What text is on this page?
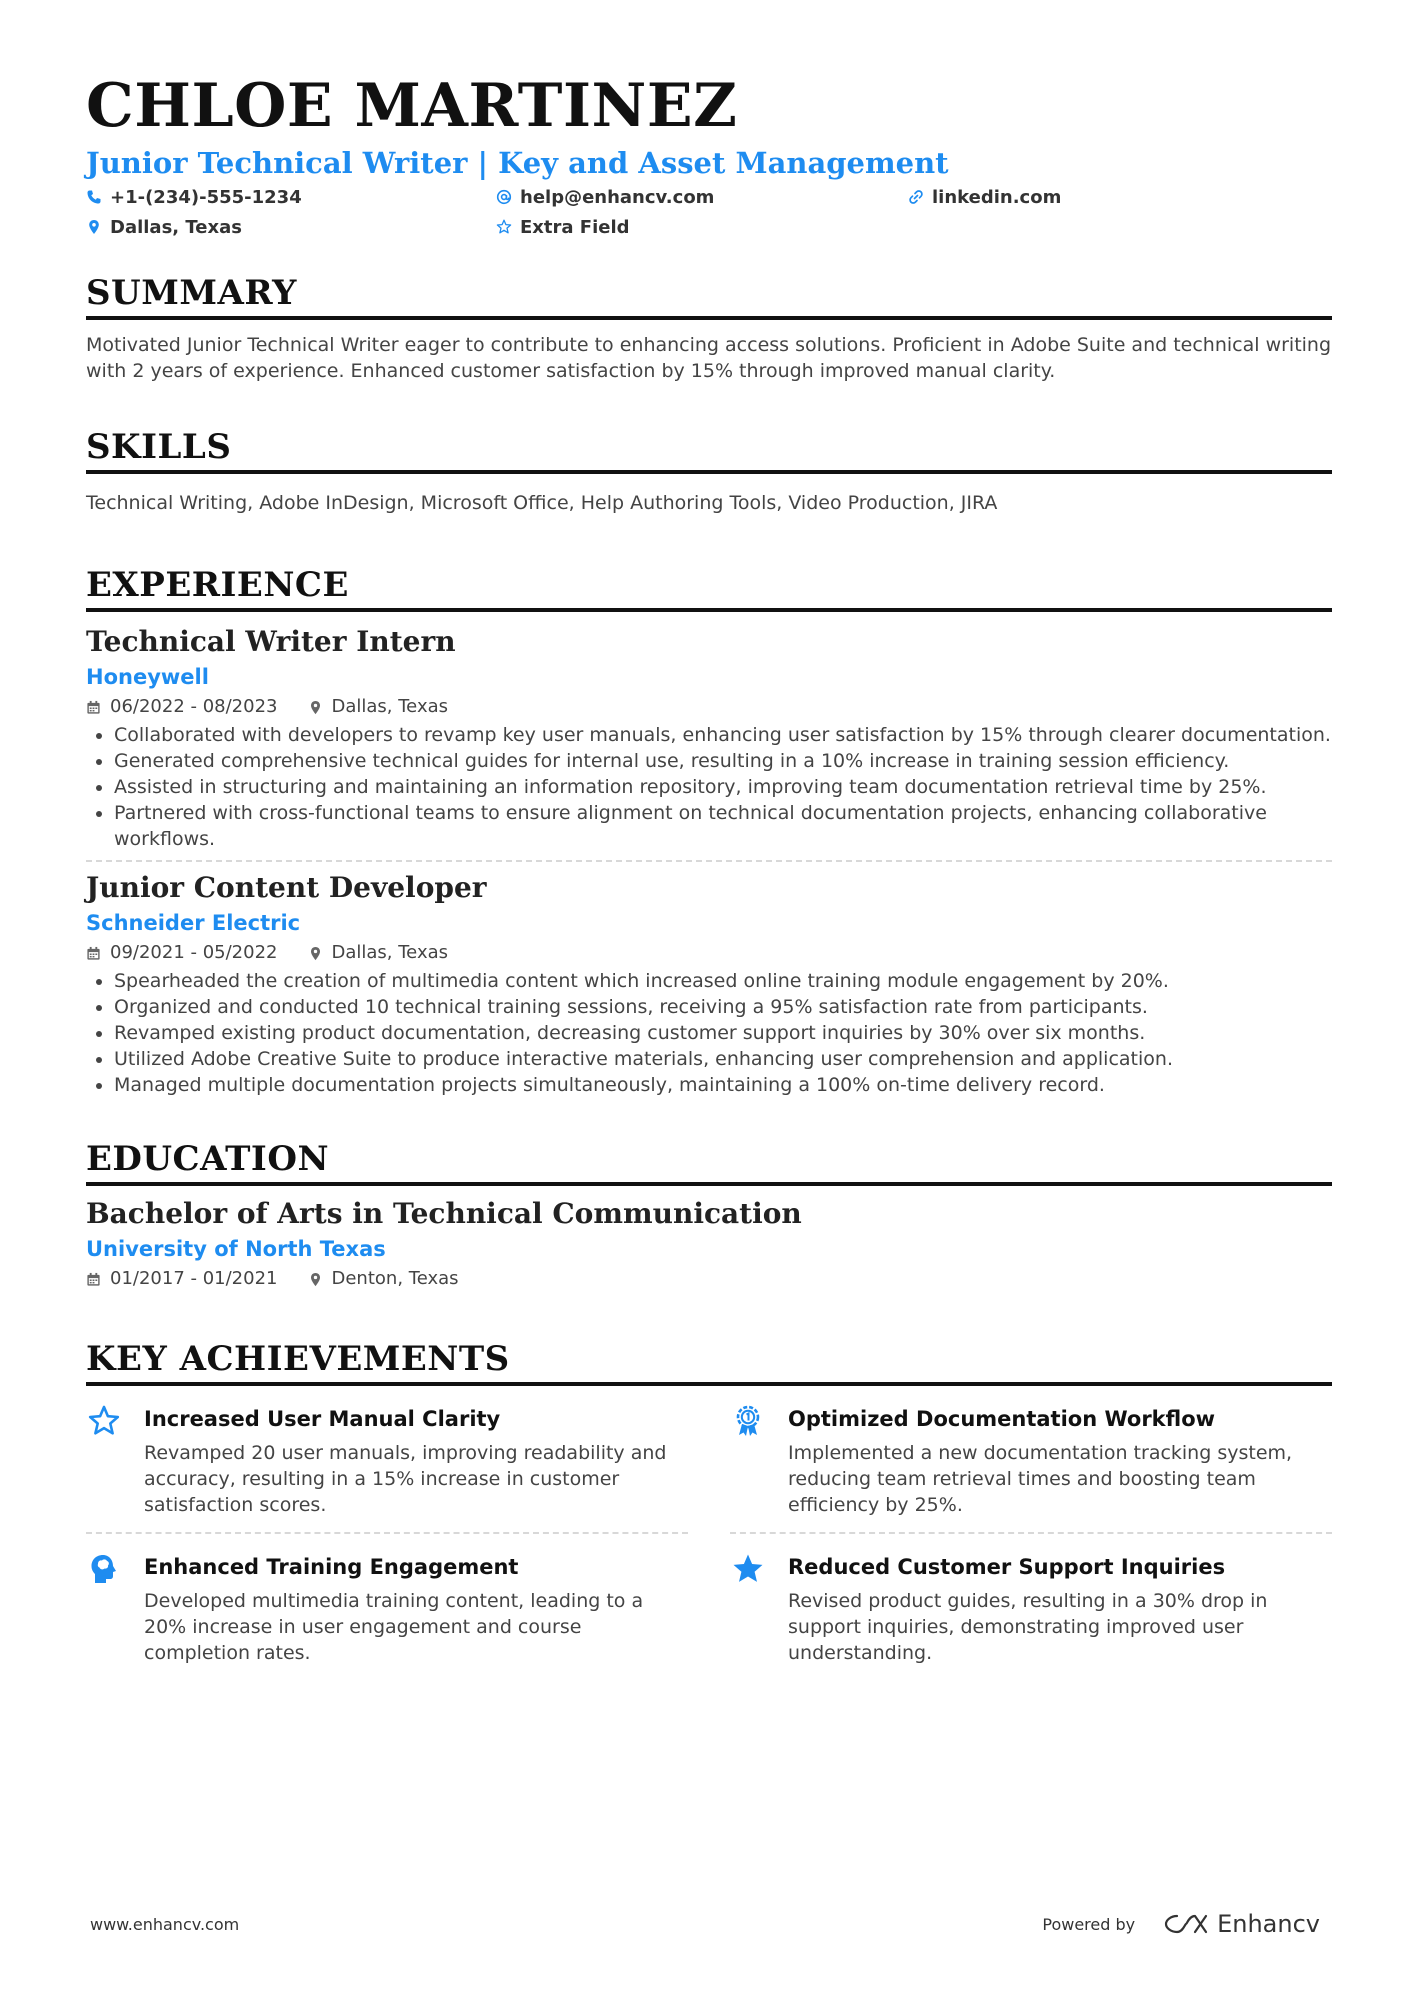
CHLOE MARTINEZ
Junior Technical Writer | Key and Asset Management
+1-(234)-555-1234	help@enhancv.com	linkedin.com
Dallas, Texas	Extra Field
SUMMARY
Motivated Junior Technical Writer eager to contribute to enhancing access solutions. Proficient in Adobe Suite and technical writing with 2 years of experience. Enhanced customer satisfaction by 15% through improved manual clarity.
SKILLS
Technical Writing, Adobe InDesign, Microsoft Office, Help Authoring Tools, Video Production, JIRA
EXPERIENCE
Technical Writer Intern
Honeywell
06/2022 - 08/2023	Dallas, Texas
• Collaborated with developers to revamp key user manuals, enhancing user satisfaction by 15% through clearer documentation.
• Generated comprehensive technical guides for internal use, resulting in a 10% increase in training session efficiency.
• Assisted in structuring and maintaining an information repository, improving team documentation retrieval time by 25%.
• Partnered with cross-functional teams to ensure alignment on technical documentation projects, enhancing collaborative workflows.
Junior Content Developer
Schneider Electric
09/2021 - 05/2022	Dallas, Texas
• Spearheaded the creation of multimedia content which increased online training module engagement by 20%.
• Organized and conducted 10 technical training sessions, receiving a 95% satisfaction rate from participants.
• Revamped existing product documentation, decreasing customer support inquiries by 30% over six months.
• Utilized Adobe Creative Suite to produce interactive materials, enhancing user comprehension and application.
• Managed multiple documentation projects simultaneously, maintaining a 100% on-time delivery record.
EDUCATION
Bachelor of Arts in Technical Communication
University of North Texas
01/2017 - 01/2021	Denton, Texas
KEY ACHIEVEMENTS
Increased User Manual Clarity
Revamped 20 user manuals, improving readability and accuracy, resulting in a 15% increase in customer satisfaction scores.
Optimized Documentation Workflow
Implemented a new documentation tracking system, reducing team retrieval times and boosting team efficiency by 25%.
Enhanced Training Engagement
Developed multimedia training content, leading to a 20% increase in user engagement and course completion rates.
Reduced Customer Support Inquiries
Revised product guides, resulting in a 30% drop in support inquiries, demonstrating improved user understanding.
www.enhancv.com	Powered by	Enhancv
